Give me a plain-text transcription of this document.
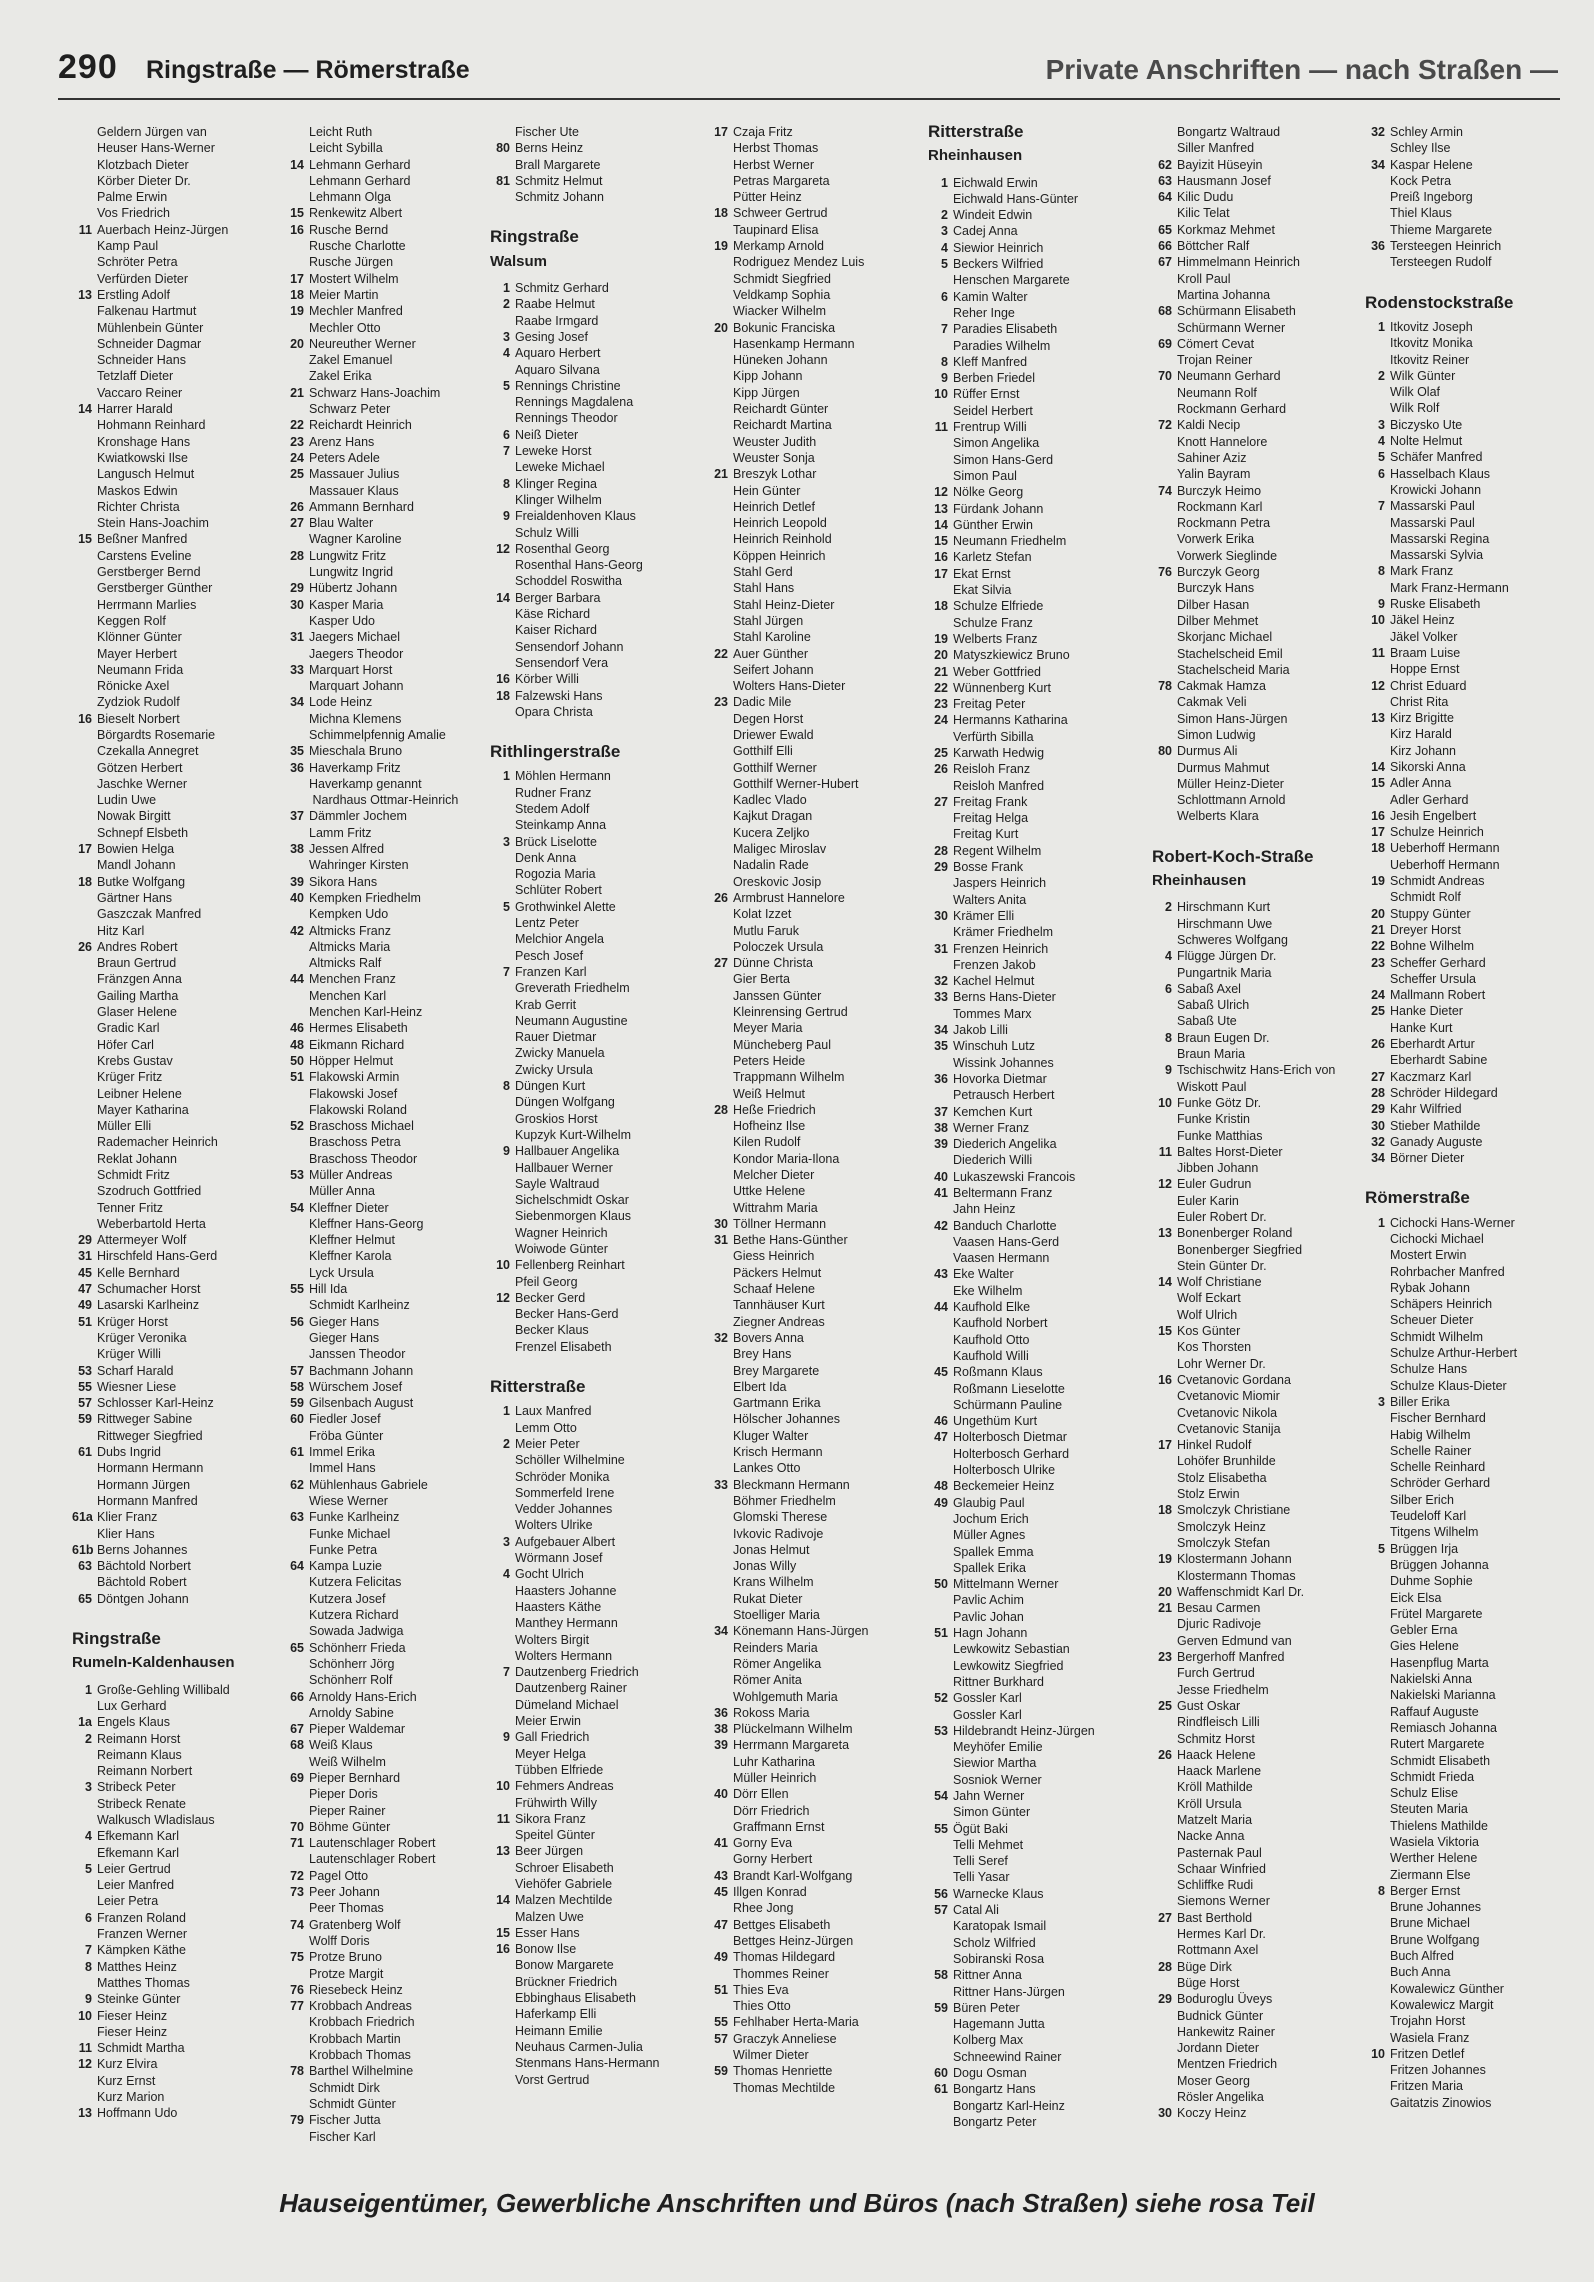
290 Ringstraße — Römerstraße	Private Anschriften — nach Straßen —
Geldern Jürgen van
Heuser Hans-Werner
Klotzbach Dieter
Körber Dieter Dr.
Palme Erwin
Vos Friedrich
11 Auerbach Heinz-Jürgen
Kamp Paul
Schröter Petra
Verfürden Dieter
13 Erstling Adolf
Falkenau Hartmut
Mühlenbein Günter
Schneider Dagmar
Schneider Hans
Tetzlaff Dieter
Vaccaro Reiner
14 Harrer Harald
Hohmann Reinhard
Kronshage Hans
Kwiatkowski Ilse
Langusch Helmut
Maskos Edwin
Richter Christa
Stein Hans-Joachim
15 Beßner Manfred
Carstens Eveline
Gerstberger Bernd
Gerstberger Günther
Herrmann Marlies
Keggen Rolf
Klönner Günter
Mayer Herbert
Neumann Frida
Rönicke Axel
Zydziok Rudolf
16 Bieselt Norbert
Börgardts Rosemarie
Czekalla Annegret
Götzen Herbert
Jaschke Werner
Ludin Uwe
Nowak Birgitt
Schnepf Elsbeth
17 Bowien Helga
Mandl Johann
18 Butke Wolfgang
Gärtner Hans
Gaszczak Manfred
Hitz Karl
26 Andres Robert
Braun Gertrud
Fränzgen Anna
Gailing Martha
Glaser Helene
Gradic Karl
Höfer Carl
Krebs Gustav
Krüger Fritz
Leibner Helene
Mayer Katharina
Müller Elli
Rademacher Heinrich
Reklat Johann
Schmidt Fritz
Szodruch Gottfried
Tenner Fritz
Weberbartold Herta
29 Attermeyer Wolf
31 Hirschfeld Hans-Gerd
45 Kelle Bernhard
47 Schumacher Horst
49 Lasarski Karlheinz
51 Krüger Horst
Krüger Veronika
Krüger Willi
53 Scharf Harald
55 Wiesner Liese
57 Schlosser Karl-Heinz
59 Rittweger Sabine
Rittweger Siegfried
61 Dubs Ingrid
Hormann Hermann
Hormann Jürgen
Hormann Manfred
61a Klier Franz
Klier Hans
61b Berns Johannes
63 Bächtold Norbert
Bächtold Robert
65 Döntgen Johann
Ringstraße
Rumeln-Kaldenhausen
1 Große-Gehling Willibald
Lux Gerhard
1a Engels Klaus
2 Reimann Horst
Reimann Klaus
Reimann Norbert
3 Stribeck Peter
Stribeck Renate
Walkusch Wladislaus
4 Efkemann Karl
Efkemann Karl
5 Leier Gertrud
Leier Manfred
Leier Petra
6 Franzen Roland
Franzen Werner
7 Kämpken Käthe
8 Matthes Heinz
Matthes Thomas
9 Steinke Günter
10 Fieser Heinz
Fieser Heinz
11 Schmidt Martha
12 Kurz Elvira
Kurz Ernst
Kurz Marion
13 Hoffmann Udo
Leicht Ruth
Leicht Sybilla
14 Lehmann Gerhard
Lehmann Gerhard
Lehmann Olga
15 Renkewitz Albert
16 Rusche Bernd
Rusche Charlotte
Rusche Jürgen
17 Mostert Wilhelm
18 Meier Martin
19 Mechler Manfred
Mechler Otto
20 Neureuther Werner
Zakel Emanuel
Zakel Erika
21 Schwarz Hans-Joachim
Schwarz Peter
22 Reichardt Heinrich
23 Arenz Hans
24 Peters Adele
25 Massauer Julius
Massauer Klaus
26 Ammann Bernhard
27 Blau Walter
Wagner Karoline
28 Lungwitz Fritz
Lungwitz Ingrid
29 Hübertz Johann
30 Kasper Maria
Kasper Udo
31 Jaegers Michael
Jaegers Theodor
33 Marquart Horst
Marquart Johann
34 Lode Heinz
Michna Klemens
Schimmelpfennig Amalie
35 Mieschala Bruno
36 Haverkamp Fritz
Haverkamp genannt
Nardhaus Ottmar-Heinrich
37 Dämmler Jochem
Lamm Fritz
38 Jessen Alfred
Wahringer Kirsten
39 Sikora Hans
40 Kempken Friedhelm
Kempken Udo
42 Altmicks Franz
Altmicks Maria
Altmicks Ralf
44 Menchen Franz
Menchen Karl
Menchen Karl-Heinz
46 Hermes Elisabeth
48 Eikmann Richard
50 Höpper Helmut
51 Flakowski Armin
Flakowski Josef
Flakowski Roland
52 Braschoss Michael
Braschoss Petra
Braschoss Theodor
53 Müller Andreas
Müller Anna
54 Kleffner Dieter
Kleffner Hans-Georg
Kleffner Helmut
Kleffner Karola
Lyck Ursula
55 Hill Ida
Schmidt Karlheinz
56 Gieger Hans
Gieger Hans
Janssen Theodor
57 Bachmann Johann
58 Würschem Josef
59 Gilsenbach August
60 Fiedler Josef
Fröba Günter
61 Immel Erika
Immel Hans
62 Mühlenhaus Gabriele
Wiese Werner
63 Funke Karlheinz
Funke Michael
Funke Petra
64 Kampa Luzie
Kutzera Felicitas
Kutzera Josef
Kutzera Richard
Sowada Jadwiga
65 Schönherr Frieda
Schönherr Jörg
Schönherr Rolf
66 Arnoldy Hans-Erich
Arnoldy Sabine
67 Pieper Waldemar
68 Weiß Klaus
Weiß Wilhelm
69 Pieper Bernhard
Pieper Doris
Pieper Rainer
70 Böhme Günter
71 Lautenschlager Robert
Lautenschlager Robert
72 Pagel Otto
73 Peer Johann
Peer Thomas
74 Gratenberg Wolf
Wolff Doris
75 Protze Bruno
Protze Margit
76 Riesebeck Heinz
77 Krobbach Andreas
Krobbach Friedrich
Krobbach Martin
Krobbach Thomas
78 Barthel Wilhelmine
Schmidt Dirk
Schmidt Günter
79 Fischer Jutta
Fischer Karl
Fischer Ute
80 Berns Heinz
Brall Margarete
81 Schmitz Helmut
Schmitz Johann
Ringstraße
Walsum
1 Schmitz Gerhard
2 Raabe Helmut
Raabe Irmgard
3 Gesing Josef
4 Aquaro Herbert
Aquaro Silvana
5 Rennings Christine
Rennings Magdalena
Rennings Theodor
6 Neiß Dieter
7 Leweke Horst
Leweke Michael
8 Klinger Regina
Klinger Wilhelm
9 Freialdenhoven Klaus
Schulz Willi
12 Rosenthal Georg
Rosenthal Hans-Georg
Schoddel Roswitha
14 Berger Barbara
Käse Richard
Kaiser Richard
Sensendorf Johann
Sensendorf Vera
16 Körber Willi
18 Falzewski Hans
Opara Christa
Rithlingerstraße
1 Möhlen Hermann
Rudner Franz
Stedem Adolf
Steinkamp Anna
3 Brück Liselotte
Denk Anna
Rogozia Maria
Schlüter Robert
5 Grothwinkel Alette
Lentz Peter
Melchior Angela
Pesch Josef
7 Franzen Karl
Greverath Friedhelm
Krab Gerrit
Neumann Augustine
Rauer Dietmar
Zwicky Manuela
Zwicky Ursula
8 Düngen Kurt
Düngen Wolfgang
Groskios Horst
Kupzyk Kurt-Wilhelm
9 Hallbauer Angelika
Hallbauer Werner
Sayle Waltraud
Sichelschmidt Oskar
Siebenmorgen Klaus
Wagner Heinrich
Woiwode Günter
10 Fellenberg Reinhart
Pfeil Georg
12 Becker Gerd
Becker Hans-Gerd
Becker Klaus
Frenzel Elisabeth
Ritterstraße
1 Laux Manfred
Lemm Otto
2 Meier Peter
Schöller Wilhelmine
Schröder Monika
Sommerfeld Irene
Vedder Johannes
Wolters Ulrike
3 Aufgebauer Albert
Wörmann Josef
4 Gocht Ulrich
Haasters Johanne
Haasters Käthe
Manthey Hermann
Wolters Birgit
Wolters Hermann
7 Dautzenberg Friedrich
Dautzenberg Rainer
Dümeland Michael
Meier Erwin
9 Gall Friedrich
Meyer Helga
Tübben Elfriede
10 Fehmers Andreas
Frühwirth Willy
11 Sikora Franz
Speitel Günter
13 Beer Jürgen
Schroer Elisabeth
Viehöfer Gabriele
14 Malzen Mechtilde
Malzen Uwe
15 Esser Hans
16 Bonow Ilse
Bonow Margarete
Brückner Friedrich
Ebbinghaus Elisabeth
Haferkamp Elli
Heimann Emilie
Neuhaus Carmen-Julia
Stenmans Hans-Hermann
Vorst Gertrud
17 Czaja Fritz
Herbst Thomas
Herbst Werner
Petras Margareta
Pütter Heinz
18 Schweer Gertrud
Taupinard Elisa
19 Merkamp Arnold
Rodriguez Mendez Luis
Schmidt Siegfried
Veldkamp Sophia
Wiacker Wilhelm
20 Bokunic Franciska
Hasenkamp Hermann
Hüneken Johann
Kipp Johann
Kipp Jürgen
Reichardt Günter
Reichardt Martina
Weuster Judith
Weuster Sonja
21 Breszyk Lothar
Hein Günter
Heinrich Detlef
Heinrich Leopold
Heinrich Reinhold
Köppen Heinrich
Stahl Gerd
Stahl Hans
Stahl Heinz-Dieter
Stahl Jürgen
Stahl Karoline
22 Auer Günther
Seifert Johann
Wolters Hans-Dieter
23 Dadic Mile
Degen Horst
Driewer Ewald
Gotthilf Elli
Gotthilf Werner
Gotthilf Werner-Hubert
Kadlec Vlado
Kajkut Dragan
Kucera Zeljko
Maligec Miroslav
Nadalin Rade
Oreskovic Josip
26 Armbrust Hannelore
Kolat Izzet
Mutlu Faruk
Poloczek Ursula
27 Dünne Christa
Gier Berta
Janssen Günter
Kleinrensing Gertrud
Meyer Maria
Müncheberg Paul
Peters Heide
Trappmann Wilhelm
Weiß Helmut
28 Heße Friedrich
Hofheinz Ilse
Kilen Rudolf
Kondor Maria-Ilona
Melcher Dieter
Uttke Helene
Wittrahm Maria
30 Töllner Hermann
31 Bethe Hans-Günther
Giess Heinrich
Päckers Helmut
Schaaf Helene
Tannhäuser Kurt
Ziegner Andreas
32 Bovers Anna
Brey Hans
Brey Margarete
Elbert Ida
Gartmann Erika
Hölscher Johannes
Kluger Walter
Krisch Hermann
Lankes Otto
33 Bleckmann Hermann
Böhmer Friedhelm
Glomski Therese
Ivkovic Radivoje
Jonas Helmut
Jonas Willy
Krans Wilhelm
Rukat Dieter
Stoelliger Maria
34 Könemann Hans-Jürgen
Reinders Maria
Römer Angelika
Römer Anita
Wohlgemuth Maria
36 Rokoss Maria
38 Plückelmann Wilhelm
39 Herrmann Margareta
Luhr Katharina
Müller Heinrich
40 Dörr Ellen
Dörr Friedrich
Graffmann Ernst
41 Gorny Eva
Gorny Herbert
43 Brandt Karl-Wolfgang
45 Illgen Konrad
Rhee Jong
47 Bettges Elisabeth
Bettges Heinz-Jürgen
49 Thomas Hildegard
Thommes Reiner
51 Thies Eva
Thies Otto
55 Fehlhaber Herta-Maria
57 Graczyk Anneliese
Wilmer Dieter
59 Thomas Henriette
Thomas Mechtilde
Ritterstraße
Rheinhausen
1 Eichwald Erwin
Eichwald Hans-Günter
2 Windeit Edwin
3 Cadej Anna
4 Siewior Heinrich
5 Beckers Wilfried
Henschen Margarete
6 Kamin Walter
Reher Inge
7 Paradies Elisabeth
Paradies Wilhelm
8 Kleff Manfred
9 Berben Friedel
10 Rüffer Ernst
Seidel Herbert
11 Frentrup Willi
Simon Angelika
Simon Hans-Gerd
Simon Paul
12 Nölke Georg
13 Fürdank Johann
14 Günther Erwin
15 Neumann Friedhelm
16 Karletz Stefan
17 Ekat Ernst
Ekat Silvia
18 Schulze Elfriede
Schulze Franz
19 Welberts Franz
20 Matyszkiewicz Bruno
21 Weber Gottfried
22 Wünnenberg Kurt
23 Freitag Peter
24 Hermanns Katharina
Verfürth Sibilla
25 Karwath Hedwig
26 Reisloh Franz
Reisloh Manfred
27 Freitag Frank
Freitag Helga
Freitag Kurt
28 Regent Wilhelm
29 Bosse Frank
Jaspers Heinrich
Walters Anita
30 Krämer Elli
Krämer Friedhelm
31 Frenzen Heinrich
Frenzen Jakob
32 Kachel Helmut
33 Berns Hans-Dieter
Tommes Marx
34 Jakob Lilli
35 Winschuh Lutz
Wissink Johannes
36 Hovorka Dietmar
Petrausch Herbert
37 Kemchen Kurt
38 Werner Franz
39 Diederich Angelika
Diederich Willi
40 Lukaszewski Francois
41 Beltermann Franz
Jahn Heinz
42 Banduch Charlotte
Vaasen Hans-Gerd
Vaasen Hermann
43 Eke Walter
Eke Wilhelm
44 Kaufhold Elke
Kaufhold Norbert
Kaufhold Otto
Kaufhold Willi
45 Roßmann Klaus
Roßmann Lieselotte
Schürmann Pauline
46 Ungethüm Kurt
47 Holterbosch Dietmar
Holterbosch Gerhard
Holterbosch Ulrike
48 Beckemeier Heinz
49 Glaubig Paul
Jochum Erich
Müller Agnes
Spallek Emma
Spallek Erika
50 Mittelmann Werner
Pavlic Achim
Pavlic Johan
51 Hagn Johann
Lewkowitz Sebastian
Lewkowitz Siegfried
Rittner Burkhard
52 Gossler Karl
Gossler Karl
53 Hildebrandt Heinz-Jürgen
Meyhöfer Emilie
Siewior Martha
Sosniok Werner
54 Jahn Werner
Simon Günter
55 Ögüt Baki
Telli Mehmet
Telli Seref
Telli Yasar
56 Warnecke Klaus
57 Catal Ali
Karatopak Ismail
Scholz Wilfried
Sobiranski Rosa
58 Rittner Anna
Rittner Hans-Jürgen
59 Büren Peter
Hagemann Jutta
Kolberg Max
Schneewind Rainer
60 Dogu Osman
61 Bongartz Hans
Bongartz Karl-Heinz
Bongartz Peter
Bongartz Waltraud
Siller Manfred
62 Bayizit Hüseyin
63 Hausmann Josef
64 Kilic Dudu
Kilic Telat
65 Korkmaz Mehmet
66 Böttcher Ralf
67 Himmelmann Heinrich
Kroll Paul
Martina Johanna
68 Schürmann Elisabeth
Schürmann Werner
69 Cömert Cevat
Trojan Reiner
70 Neumann Gerhard
Neumann Rolf
Rockmann Gerhard
72 Kaldi Necip
Knott Hannelore
Sahiner Aziz
Yalin Bayram
74 Burczyk Heimo
Rockmann Karl
Rockmann Petra
Vorwerk Erika
Vorwerk Sieglinde
76 Burczyk Georg
Burczyk Hans
Dilber Hasan
Dilber Mehmet
Skorjanc Michael
Stachelscheid Emil
Stachelscheid Maria
78 Cakmak Hamza
Cakmak Veli
Simon Hans-Jürgen
Simon Ludwig
80 Durmus Ali
Durmus Mahmut
Müller Heinz-Dieter
Schlottmann Arnold
Welberts Klara
Robert-Koch-Straße
Rheinhausen
2 Hirschmann Kurt
Hirschmann Uwe
Schweres Wolfgang
4 Flügge Jürgen Dr.
Pungartnik Maria
6 Sabaß Axel
Sabaß Ulrich
Sabaß Ute
8 Braun Eugen Dr.
Braun Maria
9 Tschischwitz Hans-Erich von
Wiskott Paul
10 Funke Götz Dr.
Funke Kristin
Funke Matthias
11 Baltes Horst-Dieter
Jibben Johann
12 Euler Gudrun
Euler Karin
Euler Robert Dr.
13 Bonenberger Roland
Bonenberger Siegfried
Stein Günter Dr.
14 Wolf Christiane
Wolf Eckart
Wolf Ulrich
15 Kos Günter
Kos Thorsten
Lohr Werner Dr.
16 Cvetanovic Gordana
Cvetanovic Miomir
Cvetanovic Nikola
Cvetanovic Stanija
17 Hinkel Rudolf
Lohöfer Brunhilde
Stolz Elisabetha
Stolz Erwin
18 Smolczyk Christiane
Smolczyk Heinz
Smolczyk Stefan
19 Klostermann Johann
Klostermann Thomas
20 Waffenschmidt Karl Dr.
21 Besau Carmen
Djuric Radivoje
Gerven Edmund van
23 Bergerhoff Manfred
Furch Gertrud
Jesse Friedhelm
25 Gust Oskar
Rindfleisch Lilli
Schmitz Horst
26 Haack Helene
Haack Marlene
Kröll Mathilde
Kröll Ursula
Matzelt Maria
Nacke Anna
Pasternak Paul
Schaar Winfried
Schliffke Rudi
Siemons Werner
27 Bast Berthold
Hermes Karl Dr.
Rottmann Axel
28 Büge Dirk
Büge Horst
29 Boduroglu Üveys
Budnick Günter
Hankewitz Rainer
Jordann Dieter
Mentzen Friedrich
Moser Georg
Rösler Angelika
30 Koczy Heinz
32 Schley Armin
Schley Ilse
34 Kaspar Helene
Kock Petra
Preiß Ingeborg
Thiel Klaus
Thieme Margarete
36 Tersteegen Heinrich
Tersteegen Rudolf
Rodenstockstraße
1 Itkovitz Joseph
Itkovitz Monika
Itkovitz Reiner
2 Wilk Günter
Wilk Olaf
Wilk Rolf
3 Biczysko Ute
4 Nolte Helmut
5 Schäfer Manfred
6 Hasselbach Klaus
Krowicki Johann
7 Massarski Paul
Massarski Paul
Massarski Regina
Massarski Sylvia
8 Mark Franz
Mark Franz-Hermann
9 Ruske Elisabeth
10 Jäkel Heinz
Jäkel Volker
11 Braam Luise
Hoppe Ernst
12 Christ Eduard
Christ Rita
13 Kirz Brigitte
Kirz Harald
Kirz Johann
14 Sikorski Anna
15 Adler Anna
Adler Gerhard
16 Jesih Engelbert
17 Schulze Heinrich
18 Ueberhoff Hermann
Ueberhoff Hermann
19 Schmidt Andreas
Schmidt Rolf
20 Stuppy Günter
21 Dreyer Horst
22 Bohne Wilhelm
23 Scheffer Gerhard
Scheffer Ursula
24 Mallmann Robert
25 Hanke Dieter
Hanke Kurt
26 Eberhardt Artur
Eberhardt Sabine
27 Kaczmarz Karl
28 Schröder Hildegard
29 Kahr Wilfried
30 Stieber Mathilde
32 Ganady Auguste
34 Börner Dieter
Römerstraße
1 Cichocki Hans-Werner
Cichocki Michael
Mostert Erwin
Rohrbacher Manfred
Rybak Johann
Schäpers Heinrich
Scheuer Dieter
Schmidt Wilhelm
Schulze Arthur-Herbert
Schulze Hans
Schulze Klaus-Dieter
3 Biller Erika
Fischer Bernhard
Habig Wilhelm
Schelle Rainer
Schelle Reinhard
Schröder Gerhard
Silber Erich
Teudeloff Karl
Titgens Wilhelm
5 Brüggen Irja
Brüggen Johanna
Duhme Sophie
Eick Elsa
Frütel Margarete
Gebler Erna
Gies Helene
Hasenpflug Marta
Nakielski Anna
Nakielski Marianna
Raffauf Auguste
Remiasch Johanna
Rutert Margarete
Schmidt Elisabeth
Schmidt Frieda
Schulz Elise
Steuten Maria
Thielens Mathilde
Wasiela Viktoria
Werther Helene
Ziermann Else
8 Berger Ernst
Brune Johannes
Brune Michael
Brune Wolfgang
Buch Alfred
Buch Anna
Kowalewicz Günther
Kowalewicz Margit
Trojahn Horst
Wasiela Franz
10 Fritzen Detlef
Fritzen Johannes
Fritzen Maria
Gaitatzis Zinowios
Hauseigentümer, Gewerbliche Anschriften und Büros (nach Straßen) siehe rosa Teil
